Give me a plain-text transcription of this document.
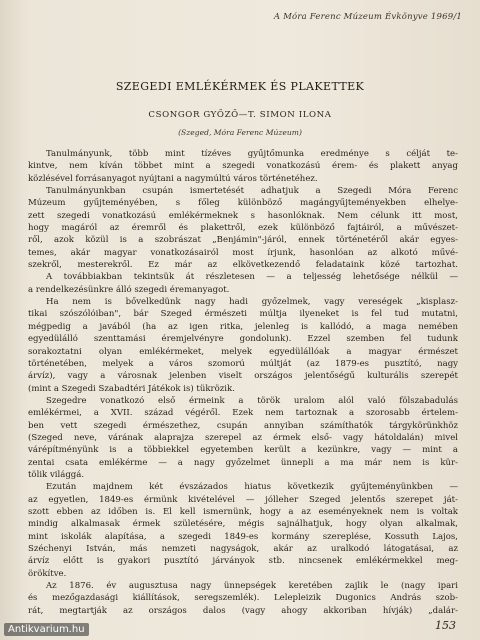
A Móra Ferenc Múzeum Évkönyve 1969/1
SZEGEDI EMLÉKÉRMEK ÉS PLAKETTEK
CSONGOR GYŐZŐ—T. SIMON ILONA
(Szeged, Móra Ferenc Múzeum)
Tanulmányunk, több mint tízéves gyűjtőmunka eredménye s célját te-
kintve, nem kíván többet mint a szegedi vonatkozású érem- és plakett anyag
közlésével forrásanyagot nyújtani a nagymúltú város történetéhez.
Tanulmányunkban csupán ismertetését adhatjuk a Szegedi Móra Ferenc
Múzeum gyűjteményében, s főleg különböző magángyűjteményekben elhelye-
zett szegedi vonatkozású emlékérmeknek s hasonlóknak. Nem célunk itt most,
hogy magáról az éremről és plakettről, ezek különböző fajtáiról, a művészet-
ről, azok közül is a szobrászat „Benjámin"-járól, ennek történetéről akár egyes-
temes, akár magyar vonatkozásairól most írjunk, hasonlóan az alkotó művé-
szekről, mesterekről. Ez már az elkövetkezendő feladataink közé tartozhat.
A továbbiakban tekintsük át részletesen — a teljesség lehetősége nélkül —
a rendelkezésünkre álló szegedi éremanyagot.
Ha nem is bővelkedünk nagy hadi győzelmek, vagy vereségek „kisplasz-
tikai szószólóiban", bár Szeged érmészeti múltja ilyeneket is fel tud mutatni,
mégpedig a javából (ha az igen ritka, jelenleg is kallódó, a maga nemében
egyedülálló szenttamási éremjelvényre gondolunk). Ezzel szemben fel tudunk
sorakoztatni olyan emlékérmeket, melyek egyedülállóak a magyar érmészet
történetében, melyek a város szomorú múltját (az 1879-es pusztító, nagy
árvíz), vagy a városnak jelenben viselt országos jelentőségű kulturális szerepét
(mint a Szegedi Szabadtéri Játékok is) tükrözik.
Szegedre vonatkozó első érmeink a török uralom alól való fölszabadulás
emlékérmei, a XVII. század végéről. Ezek nem tartoznak a szorosabb értelem-
ben vett szegedi érmészethez, csupán annyiban számíthatók tárgykörünkhöz
(Szeged neve, várának alaprajza szerepel az érmek első- vagy hátoldalán) mivel
várépítményünk is a többiekkel egyetemben került a kezünkre, vagy — mint a
zentai csata emlékérme — a nagy győzelmet ünnepli a ma már nem is kür-
tölik világgá.
Ezután majdnem két évszázados hiatus következik gyűjteményünkben —
az egyetlen, 1849-es érmünk kivételével — jólleher Szeged jelentős szerepet ját-
szott ebben az időben is. El kell ismernünk, hogy a az eseményeknek nem is voltak
mindig alkalmasak érmek születésére, mégis sajnálhatjuk, hogy olyan alkalmak,
mint iskolák alapítása, a szegedi 1849-es kormány szereplése, Kossuth Lajos,
Széchenyi István, más nemzeti nagyságok, akár az uralkodó látogatásai, az
árvíz előtt is gyakori pusztító járványok stb. nincsenek emlékérmekkel meg-
örökítve.
Az 1876. év augusztusa nagy ünnepségek keretében zajlik le (nagy ipari
és mezőgazdasági kiállítások, seregszemlék). Lelepleizik Dugonics András szob-
rát, megtartják az országos dalos (vagy ahogy akkoriban hívják) „dalár-
153
Antikvarium.hu
